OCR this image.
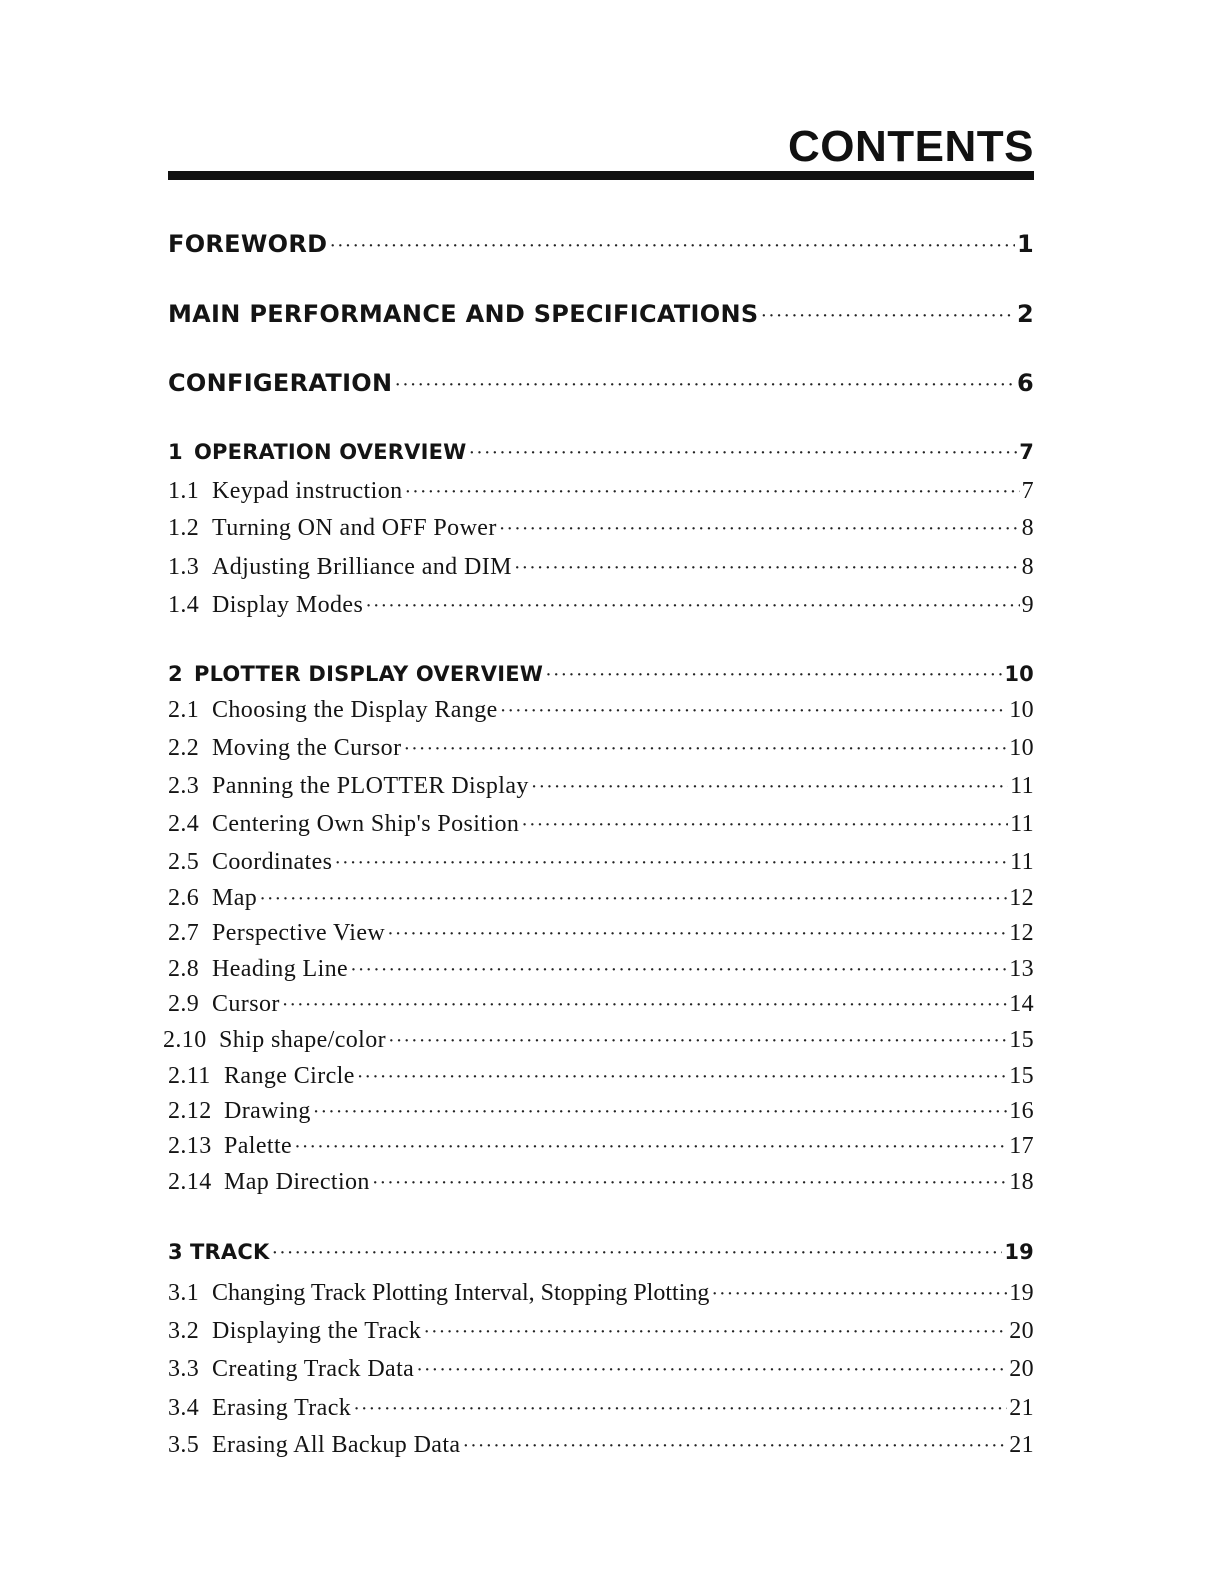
CONTENTS
FOREWORD ·····	1
MAIN PERFORMANCE AND SPECIFICATIONS ·····	2
CONFIGERATION ·····	6
1 OPERATION OVERVIEW ·····	7
1.1 Keypad instruction ·····	7
1.2 Turning ON and OFF Power ·····	8
1.3 Adjusting Brilliance and DIM ·····	8
1.4 Display Modes ·····	9
2 PLOTTER DISPLAY OVERVIEW ·····	10
2.1 Choosing the Display Range ·····	10
2.2 Moving the Cursor ·····	10
2.3 Panning the PLOTTER Display ·····	11
2.4 Centering Own Ship's Position ·····	11
2.5 Coordinates ·····	11
2.6 Map ·····	12
2.7 Perspective View ·····	12
2.8 Heading Line ·····	13
2.9 Cursor ·····	14
2.10 Ship shape/color ·····	15
2.11 Range Circle ·····	15
2.12 Drawing ·····	16
2.13 Palette ·····	17
2.14 Map Direction ·····	18
3 TRACK ·····	19
3.1 Changing Track Plotting Interval, Stopping Plotting ·····	19
3.2 Displaying the Track ·····	20
3.3 Creating Track Data ·····	20
3.4 Erasing Track ·····	21
3.5 Erasing All Backup Data ·····	21
